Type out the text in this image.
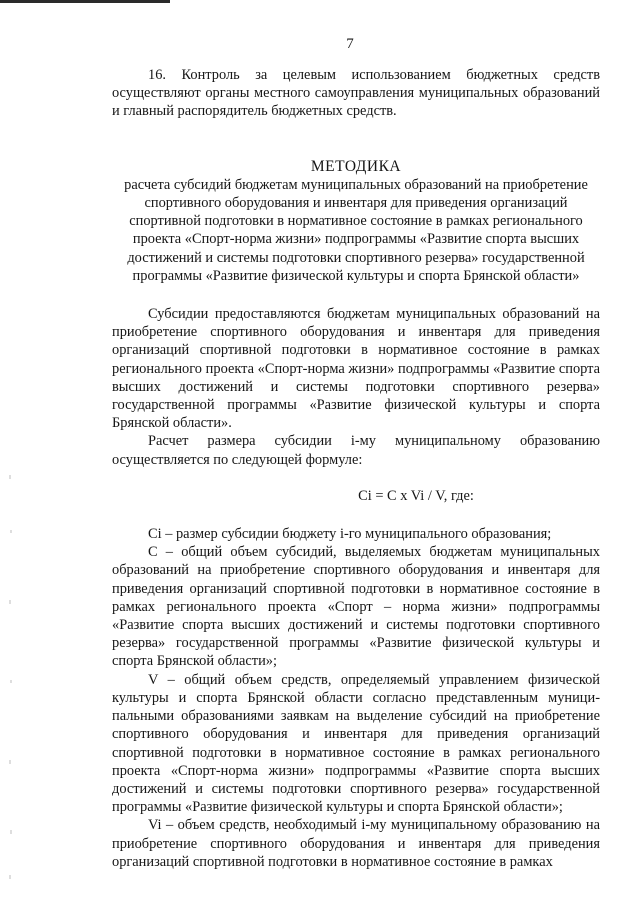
7

16. Контроль за целевым использованием бюджетных средств осуществляют органы местного самоуправления муниципальных образований и главный распорядитель бюджетных средств.

МЕТОДИКА
расчета субсидий бюджетам муниципальных образований на приобретение спортивного оборудования и инвентаря для приведения организаций спортивной подготовки в нормативное состояние в рамках регионального проекта «Спорт-норма жизни» подпрограммы «Развитие спорта высших достижений и системы подготовки спортивного резерва» государственной программы «Развитие физической культуры и спорта Брянской области»

Субсидии предоставляются бюджетам муниципальных образований на приобретение спортивного оборудования и инвентаря для приведения организаций спортивной подготовки в нормативное состояние в рамках регионального проекта «Спорт-норма жизни» подпрограммы «Развитие спорта высших достижений и системы подготовки спортивного резерва» государственной программы «Развитие физической культуры и спорта Брянской области».

Расчет размера субсидии i-му муниципальному образованию осуществляется по следующей формуле:

Ci = C x Vi / V, где:

Ci – размер субсидии бюджету i-го муниципального образования;

C – общий объем субсидий, выделяемых бюджетам муниципальных образований на приобретение спортивного оборудования и инвентаря для приведения организаций спортивной подготовки в нормативное состояние в рамках регионального проекта «Спорт – норма жизни» подпрограммы «Развитие спорта высших достижений и системы подготовки спортивного резерва» государственной программы «Развитие физической культуры и спорта Брянской области»;

V – общий объем средств, определяемый управлением физической культуры и спорта Брянской области согласно представленным муниципальными образованиями заявкам на выделение субсидий на приобретение спортивного оборудования и инвентаря для приведения организаций спортивной подготовки в нормативное состояние в рамках регионального проекта «Спорт-норма жизни» подпрограммы «Развитие спорта высших достижений и системы подготовки спортивного резерва» государственной программы «Развитие физической культуры и спорта Брянской области»;

Vi – объем средств, необходимый i-му муниципальному образованию на приобретение спортивного оборудования и инвентаря для приведения организаций спортивной подготовки в нормативное состояние в рамках
